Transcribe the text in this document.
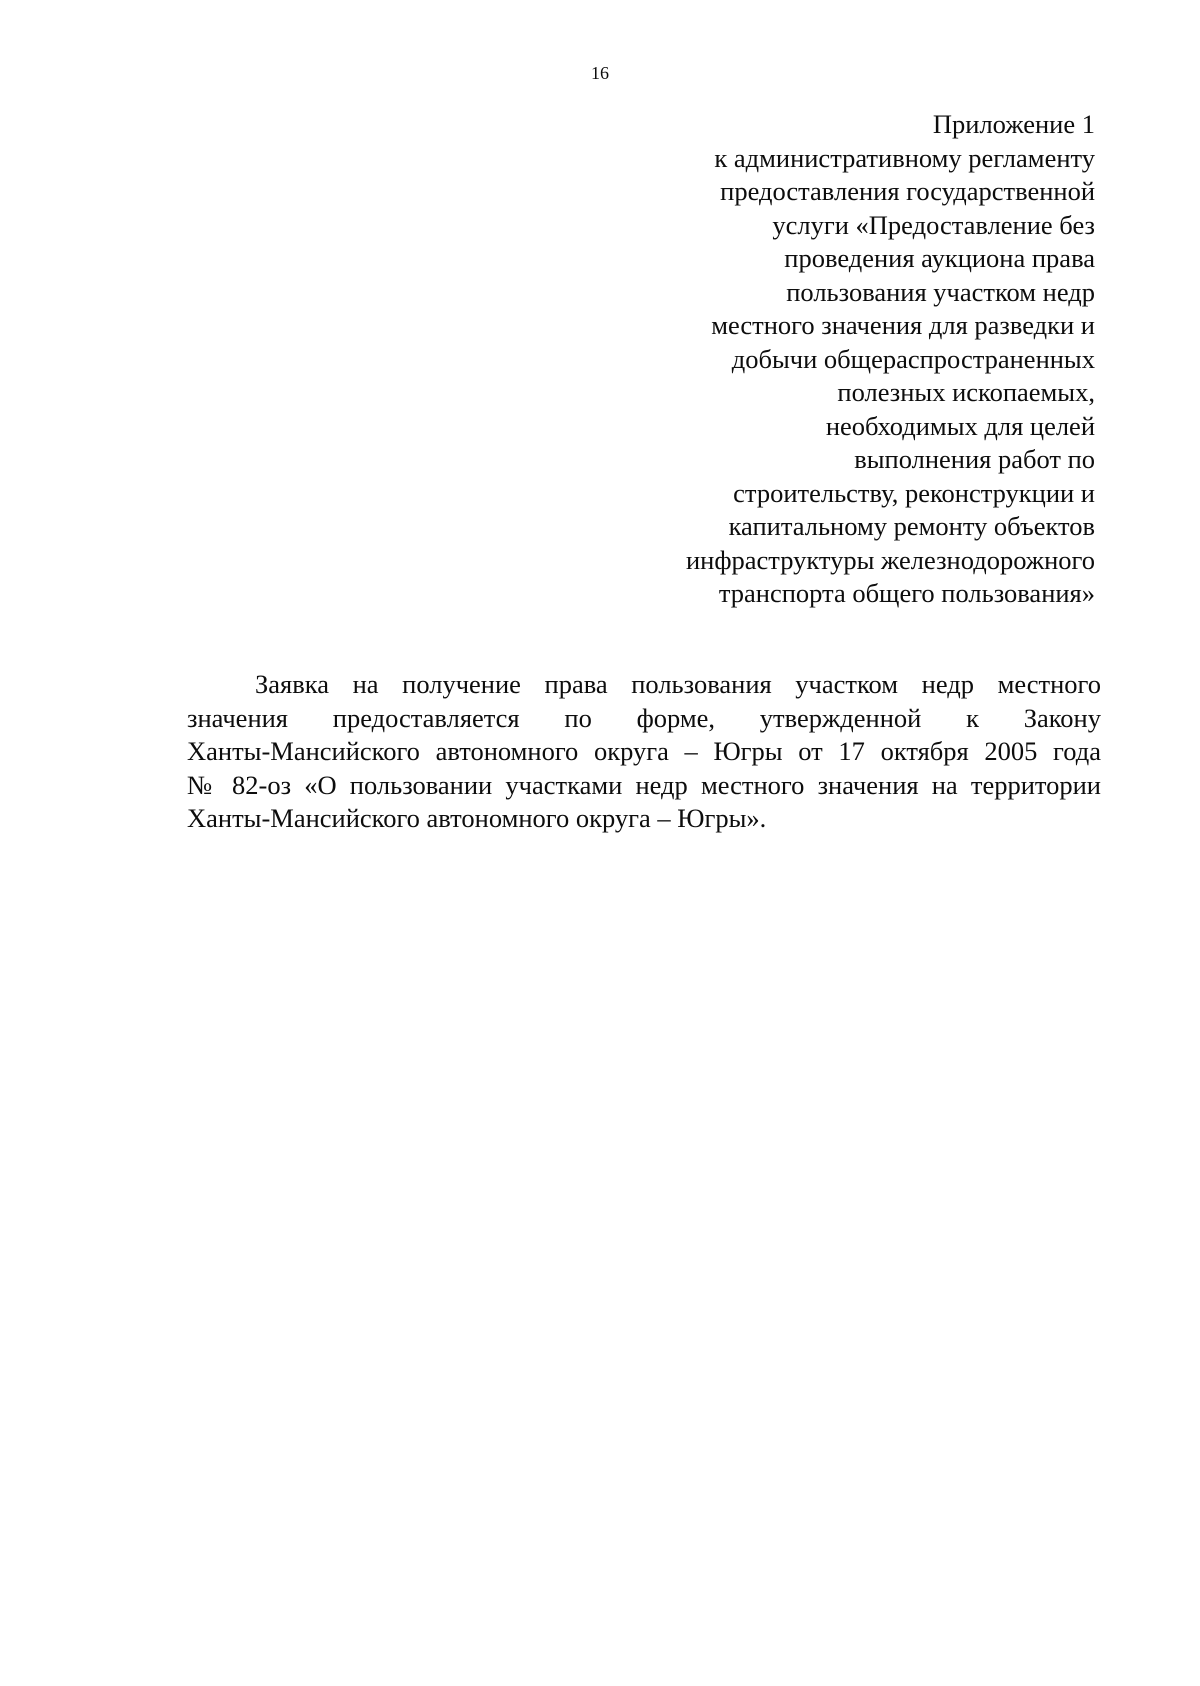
16
Приложение 1
к административному регламенту
предоставления государственной
услуги «Предоставление без
проведения аукциона права
пользования участком недр
местного значения для разведки и
добычи общераспространенных
полезных ископаемых,
необходимых для целей
выполнения работ по
строительству, реконструкции и
капитальному ремонту объектов
инфраструктуры железнодорожного
транспорта общего пользования»
Заявка на получение права пользования участком недр местного
значения предоставляется по форме, утвержденной к Закону
Ханты-Мансийского автономного округа – Югры от 17 октября 2005 года
№ 82-оз «О пользовании участками недр местного значения на территории
Ханты-Мансийского автономного округа – Югры».
